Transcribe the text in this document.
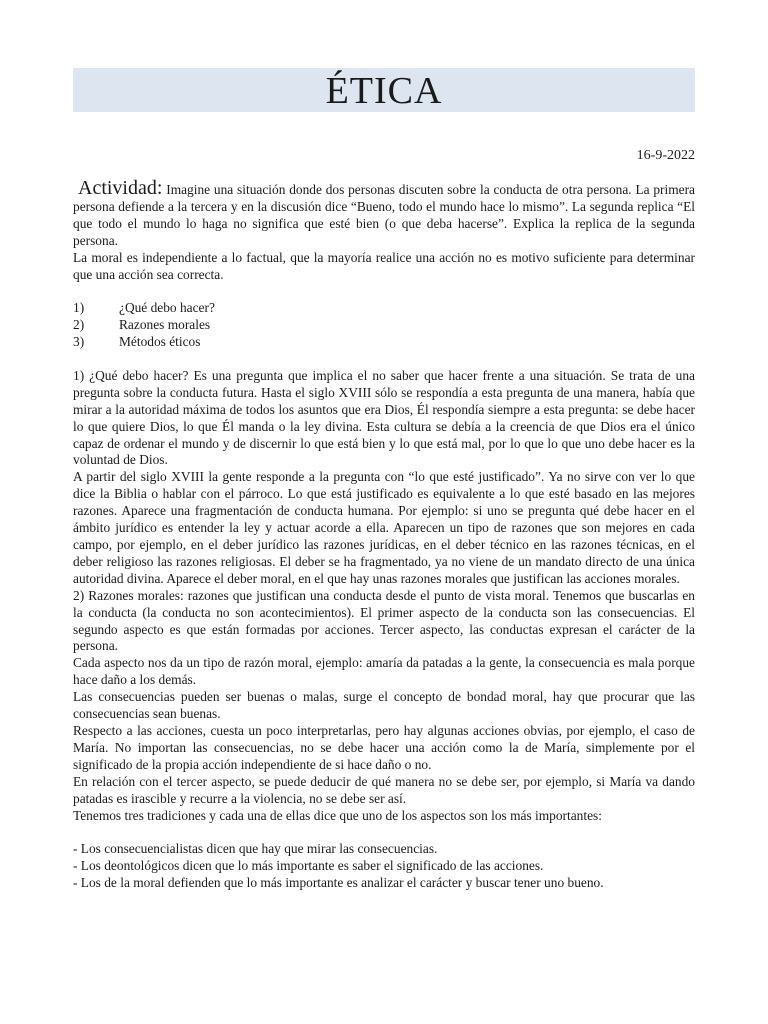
ÉTICA
16-9-2022

Actividad: Imagine una situación donde dos personas discuten sobre la conducta de otra persona. La primera persona defiende a la tercera y en la discusión dice “Bueno, todo el mundo hace lo mismo”. La segunda replica “El que todo el mundo lo haga no significa que esté bien (o que deba hacerse”. Explica la replica de la segunda persona.

La moral es independiente a lo factual, que la mayoría realice una acción no es motivo suficiente para determinar que una acción sea correcta.

1)	¿Qué debo hacer?
2)	Razones morales
3)	Métodos éticos

1) ¿Qué debo hacer? Es una pregunta que implica el no saber que hacer frente a una situación. Se trata de una pregunta sobre la conducta futura. Hasta el siglo XVIII sólo se respondía a esta pregunta de una manera, había que mirar a la autoridad máxima de todos los asuntos que era Dios, Él respondía siempre a esta pregunta: se debe hacer lo que quiere Dios, lo que Él manda o la ley divina. Esta cultura se debía a la creencia de que Dios era el único capaz de ordenar el mundo y de discernir lo que está bien y lo que está mal, por lo que lo que uno debe hacer es la voluntad de Dios.

A partir del siglo XVIII la gente responde a la pregunta con “lo que esté justificado”. Ya no sirve con ver lo que dice la Biblia o hablar con el párroco. Lo que está justificado es equivalente a lo que esté basado en las mejores razones. Aparece una fragmentación de conducta humana. Por ejemplo: si uno se pregunta qué debe hacer en el ámbito jurídico es entender la ley y actuar acorde a ella. Aparecen un tipo de razones que son mejores en cada campo, por ejemplo, en el deber jurídico las razones jurídicas, en el deber técnico en las razones técnicas, en el deber religioso las razones religiosas. El deber se ha fragmentado, ya no viene de un mandato directo de una única autoridad divina. Aparece el deber moral, en el que hay unas razones morales que justifican las acciones morales.

2) Razones morales: razones que justifican una conducta desde el punto de vista moral. Tenemos que buscarlas en la conducta (la conducta no son acontecimientos). El primer aspecto de la conducta son las consecuencias. El segundo aspecto es que están formadas por acciones. Tercer aspecto, las conductas expresan el carácter de la persona.

Cada aspecto nos da un tipo de razón moral, ejemplo: amaría da patadas a la gente, la consecuencia es mala porque hace daño a los demás.

Las consecuencias pueden ser buenas o malas, surge el concepto de bondad moral, hay que procurar que las consecuencias sean buenas.

Respecto a las acciones, cuesta un poco interpretarlas, pero hay algunas acciones obvias, por ejemplo, el caso de María. No importan las consecuencias, no se debe hacer una acción como la de María, simplemente por el significado de la propia acción independiente de si hace daño o no.

En relación con el tercer aspecto, se puede deducir de qué manera no se debe ser, por ejemplo, si María va dando patadas es irascible y recurre a la violencia, no se debe ser así.

Tenemos tres tradiciones y cada una de ellas dice que uno de los aspectos son los más importantes:

- Los consecuencialistas dicen que hay que mirar las consecuencias.
- Los deontológicos dicen que lo más importante es saber el significado de las acciones.
- Los de la moral defienden que lo más importante es analizar el carácter y buscar tener uno bueno.
